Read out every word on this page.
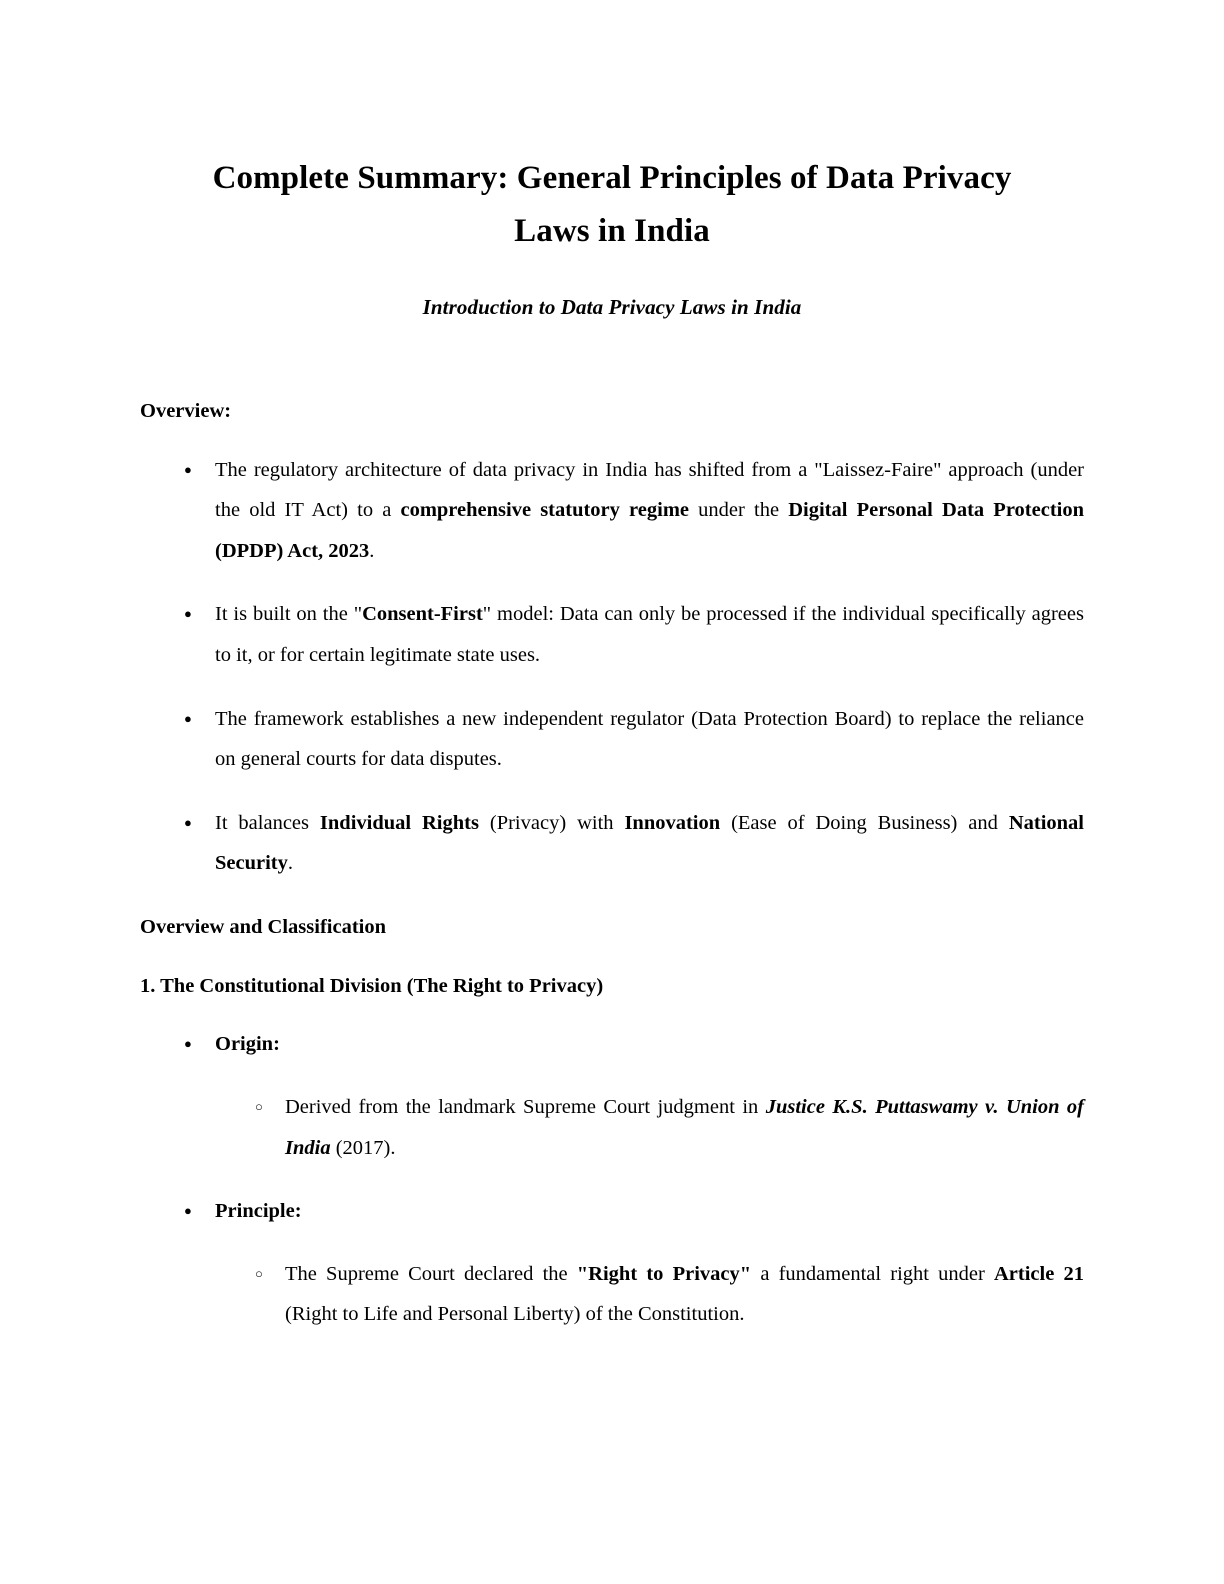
Complete Summary: General Principles of Data Privacy Laws in India
Introduction to Data Privacy Laws in India
Overview:
● The regulatory architecture of data privacy in India has shifted from a "Laissez-Faire" approach (under the old IT Act) to a comprehensive statutory regime under the Digital Personal Data Protection (DPDP) Act, 2023.
● It is built on the "Consent-First" model: Data can only be processed if the individual specifically agrees to it, or for certain legitimate state uses.
● The framework establishes a new independent regulator (Data Protection Board) to replace the reliance on general courts for data disputes.
● It balances Individual Rights (Privacy) with Innovation (Ease of Doing Business) and National Security.
Overview and Classification
1. The Constitutional Division (The Right to Privacy)
● Origin:
○ Derived from the landmark Supreme Court judgment in Justice K.S. Puttaswamy v. Union of India (2017).
● Principle:
○ The Supreme Court declared the "Right to Privacy" a fundamental right under Article 21 (Right to Life and Personal Liberty) of the Constitution.
